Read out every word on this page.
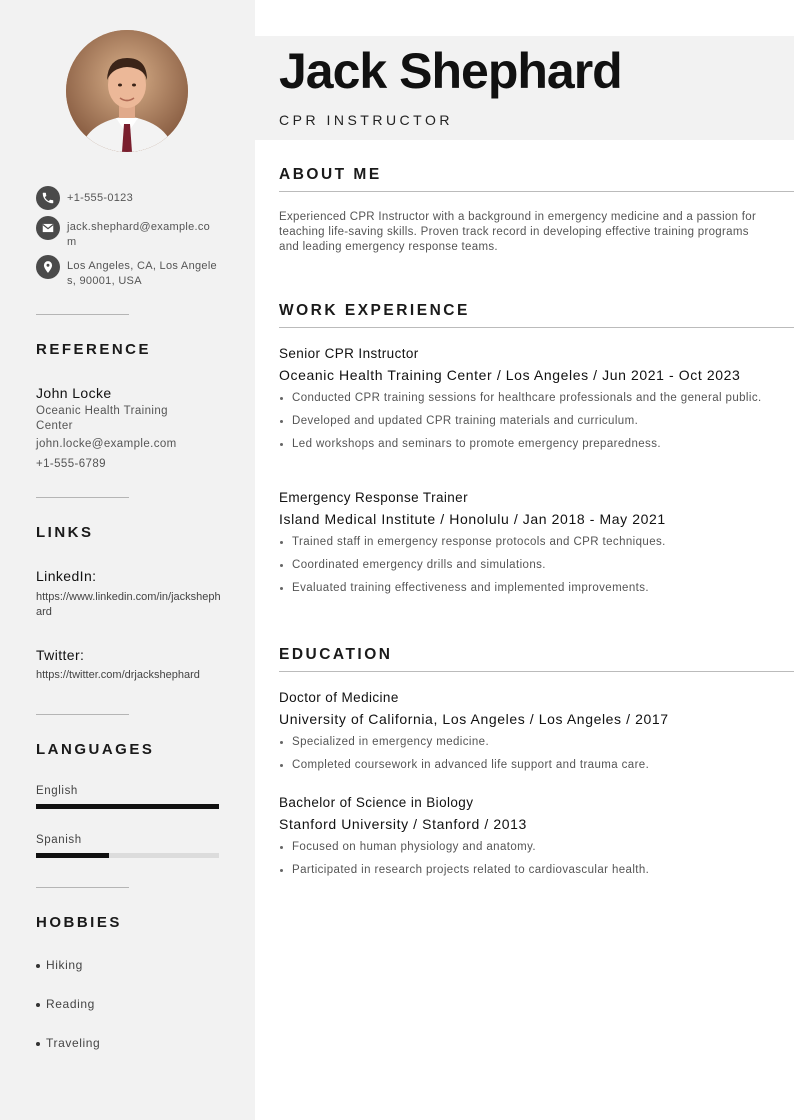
+1-555-0123
jack.shephard@example.com
Los Angeles, CA, Los Angeles, 90001, USA
REFERENCE
John Locke
Oceanic Health Training Center
john.locke@example.com
+1-555-6789
LINKS
LinkedIn:
https://www.linkedin.com/in/jackshephard
Twitter:
https://twitter.com/drjackshephard
LANGUAGES
English
Spanish
HOBBIES
Hiking
Reading
Traveling
Jack Shephard
CPR INSTRUCTOR
ABOUT ME
Experienced CPR Instructor with a background in emergency medicine and a passion for teaching life-saving skills. Proven track record in developing effective training programs and leading emergency response teams.
WORK EXPERIENCE
Senior CPR Instructor
Oceanic Health Training Center / Los Angeles / Jun 2021 - Oct 2023
Conducted CPR training sessions for healthcare professionals and the general public.
Developed and updated CPR training materials and curriculum.
Led workshops and seminars to promote emergency preparedness.
Emergency Response Trainer
Island Medical Institute / Honolulu / Jan 2018 - May 2021
Trained staff in emergency response protocols and CPR techniques.
Coordinated emergency drills and simulations.
Evaluated training effectiveness and implemented improvements.
EDUCATION
Doctor of Medicine
University of California, Los Angeles / Los Angeles / 2017
Specialized in emergency medicine.
Completed coursework in advanced life support and trauma care.
Bachelor of Science in Biology
Stanford University / Stanford / 2013
Focused on human physiology and anatomy.
Participated in research projects related to cardiovascular health.
